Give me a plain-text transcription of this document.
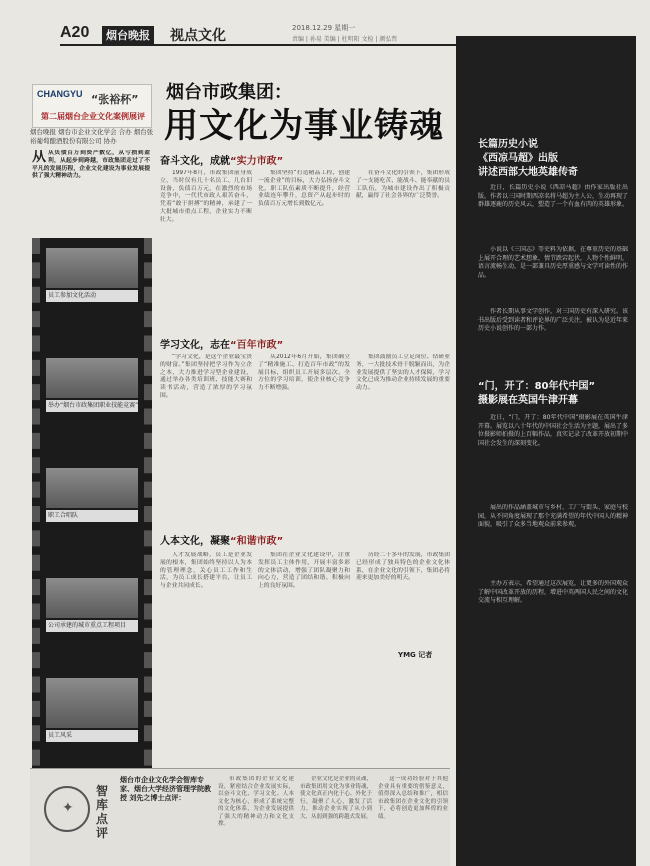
A20	烟台晚报 视点文化	2018.12.29 星期一
责编 | 孙易 美编 | 杜明阳 文检 | 颜弘哲
CHANGYU “张裕杯”
第二届烟台企业文化案例展评
烟台晚报 烟台市企业文化学会 合办 烟台张裕葡萄酿酒股份有限公司 协办
烟台市政集团：
用文化为事业铸魂
从从负债百万到资产数亿，从亏损到盈利，从起步到跨越，市政集团走过了不平凡的发展历程，企业文化建设为事业发展提供了强大精神动力。
员工参加文化活动
举办“烟台市政集团职业技能竞赛”
职工合唱队
公司承建的城市重点工程项目
员工风采
奋斗文化，成就“实力市政”
1997年8月，市政集团前身成立，当时仅有几十名员工、几台旧设备，负债百万元，在激烈的市场竞争中，一代代市政人艰苦奋斗，凭着“敢于拼搏”的精神，承建了一大批城市重点工程，企业实力不断壮大。
集团坚持“打造精品工程、创建一流企业”的目标，大力弘扬奋斗文化，职工队伍素质不断提升，经营业绩连年攀升，总资产从起步时的负债百万元增长到数亿元。
在奋斗文化的引领下，集团形成了一支能吃苦、能战斗、能奉献的员工队伍，为城市建设作出了积极贡献，赢得了社会各界的广泛赞誉。
学习文化，志在“百年市政”
“学习文化，是这个企业最宝贵的财富。”集团坚持把学习作为立企之本，大力推进学习型企业建设，通过举办各类培训班、技能大赛和读书活动，营造了浓厚的学习氛围。
从2012年6月开始，集团确立了“精准施工、打造百年市政”的发展目标，组织员工开展多层次、全方位的学习培训，使企业核心竞争力不断增强。
集团鼓励员工立足岗位、钻研业务，一大批技术骨干脱颖而出，为企业发展提供了坚实的人才保障，学习文化已成为推动企业持续发展的重要动力。
人本文化，凝聚“和谐市政”
人才发展战略，员工是企业发展的根本，集团始终坚持以人为本的管理理念，关心员工工作和生活，为员工成长搭建平台，让员工与企业共同成长。
集团在企业文化建设中，注重发挥员工主体作用，开展丰富多彩的文体活动，增强了团队凝聚力和向心力，营造了团结和谐、积极向上的良好氛围。
历经二十多年的发展，市政集团已经形成了独具特色的企业文化体系，在企业文化的引领下，集团必将迎来更加美好的明天。
YMG 记者
长篇历史小说
《西凉马超》出版
讲述西部大地英雄传奇
近日，长篇历史小说《西凉马超》由作家出版社出版。作者以三国时期西凉名将马超为主人公，生动再现了群雄逐鹿的历史风云，塑造了一个有血有肉的英雄形象。
小说以《三国志》等史料为依据，在尊重历史的基础上展开合理的艺术想象，情节跌宕起伏，人物个性鲜明，语言流畅生动，是一部兼具历史厚重感与文学可读性的作品。
作者长期从事文学创作，对三国历史有深入研究。该书出版后受到读者和评论界的广泛关注，被认为是近年来历史小说创作的一部力作。
“门，开了：80年代中国”
摄影展在英国牛津开幕
近日，“门，开了：80年代中国”摄影展在英国牛津开幕。展览以八十年代的中国社会生活为主题，展出了多位摄影师拍摄的上百幅作品，真实记录了改革开放初期中国社会发生的深刻变化。
展出的作品涵盖城市与乡村、工厂与街头、家庭与校园，从不同角度展现了那个充满希望的年代中国人的精神面貌，吸引了众多当地观众前来参观。
主办方表示，希望通过这次展览，让更多的外国观众了解中国改革开放的历程，增进中英两国人民之间的文化交流与相互理解。
✦
智库点评
烟台市企业文化学会智库专家、烟台大学经济管理学院教授 刘先之博士点评：
市政集团的企业文化建设，紧密结合企业发展实际，以奋斗文化、学习文化、人本文化为核心，形成了系统完整的文化体系，为企业发展提供了强大的精神动力和文化支撑。
企业文化是企业的灵魂，市政集团用文化为事业铸魂，使文化真正内化于心、外化于行，凝聚了人心，激发了活力，推动企业实现了从小到大、从弱到强的跨越式发展。
这一成功经验对于其他企业具有重要的借鉴意义，值得深入总结和推广，相信市政集团在企业文化的引领下，必将创造更加辉煌的业绩。
